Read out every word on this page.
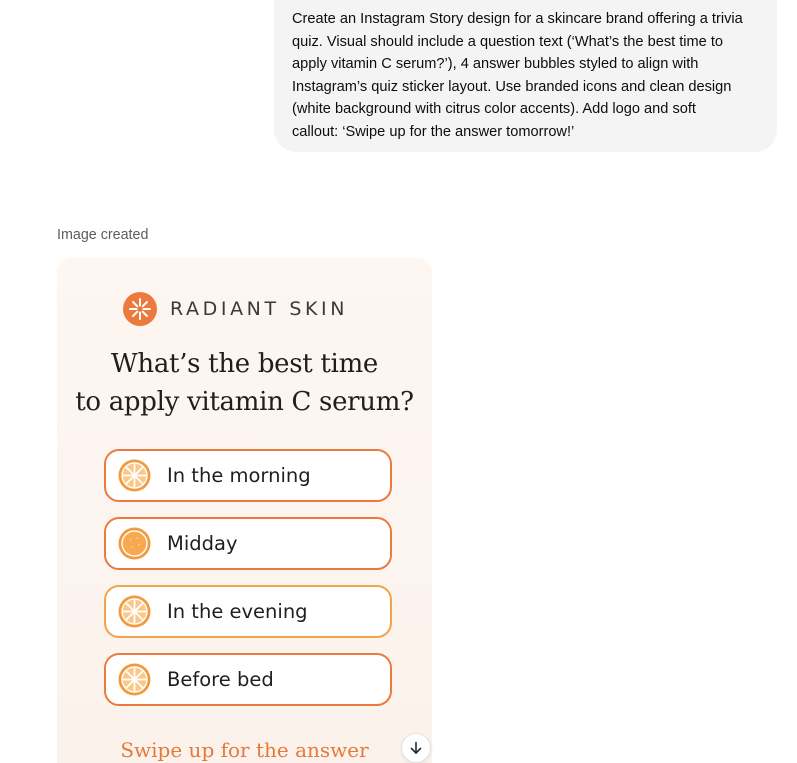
Create an Instagram Story design for a skincare brand offering a trivia
quiz. Visual should include a question text (‘What’s the best time to
apply vitamin C serum?’), 4 answer bubbles styled to align with
Instagram’s quiz sticker layout. Use branded icons and clean design
(white background with citrus color accents). Add logo and soft
callout: ‘Swipe up for the answer tomorrow!’
Image created
RADIANT SKIN
What’s the best time
to apply vitamin C serum?
In the morning
Midday
In the evening
Before bed
Swipe up for the answer
